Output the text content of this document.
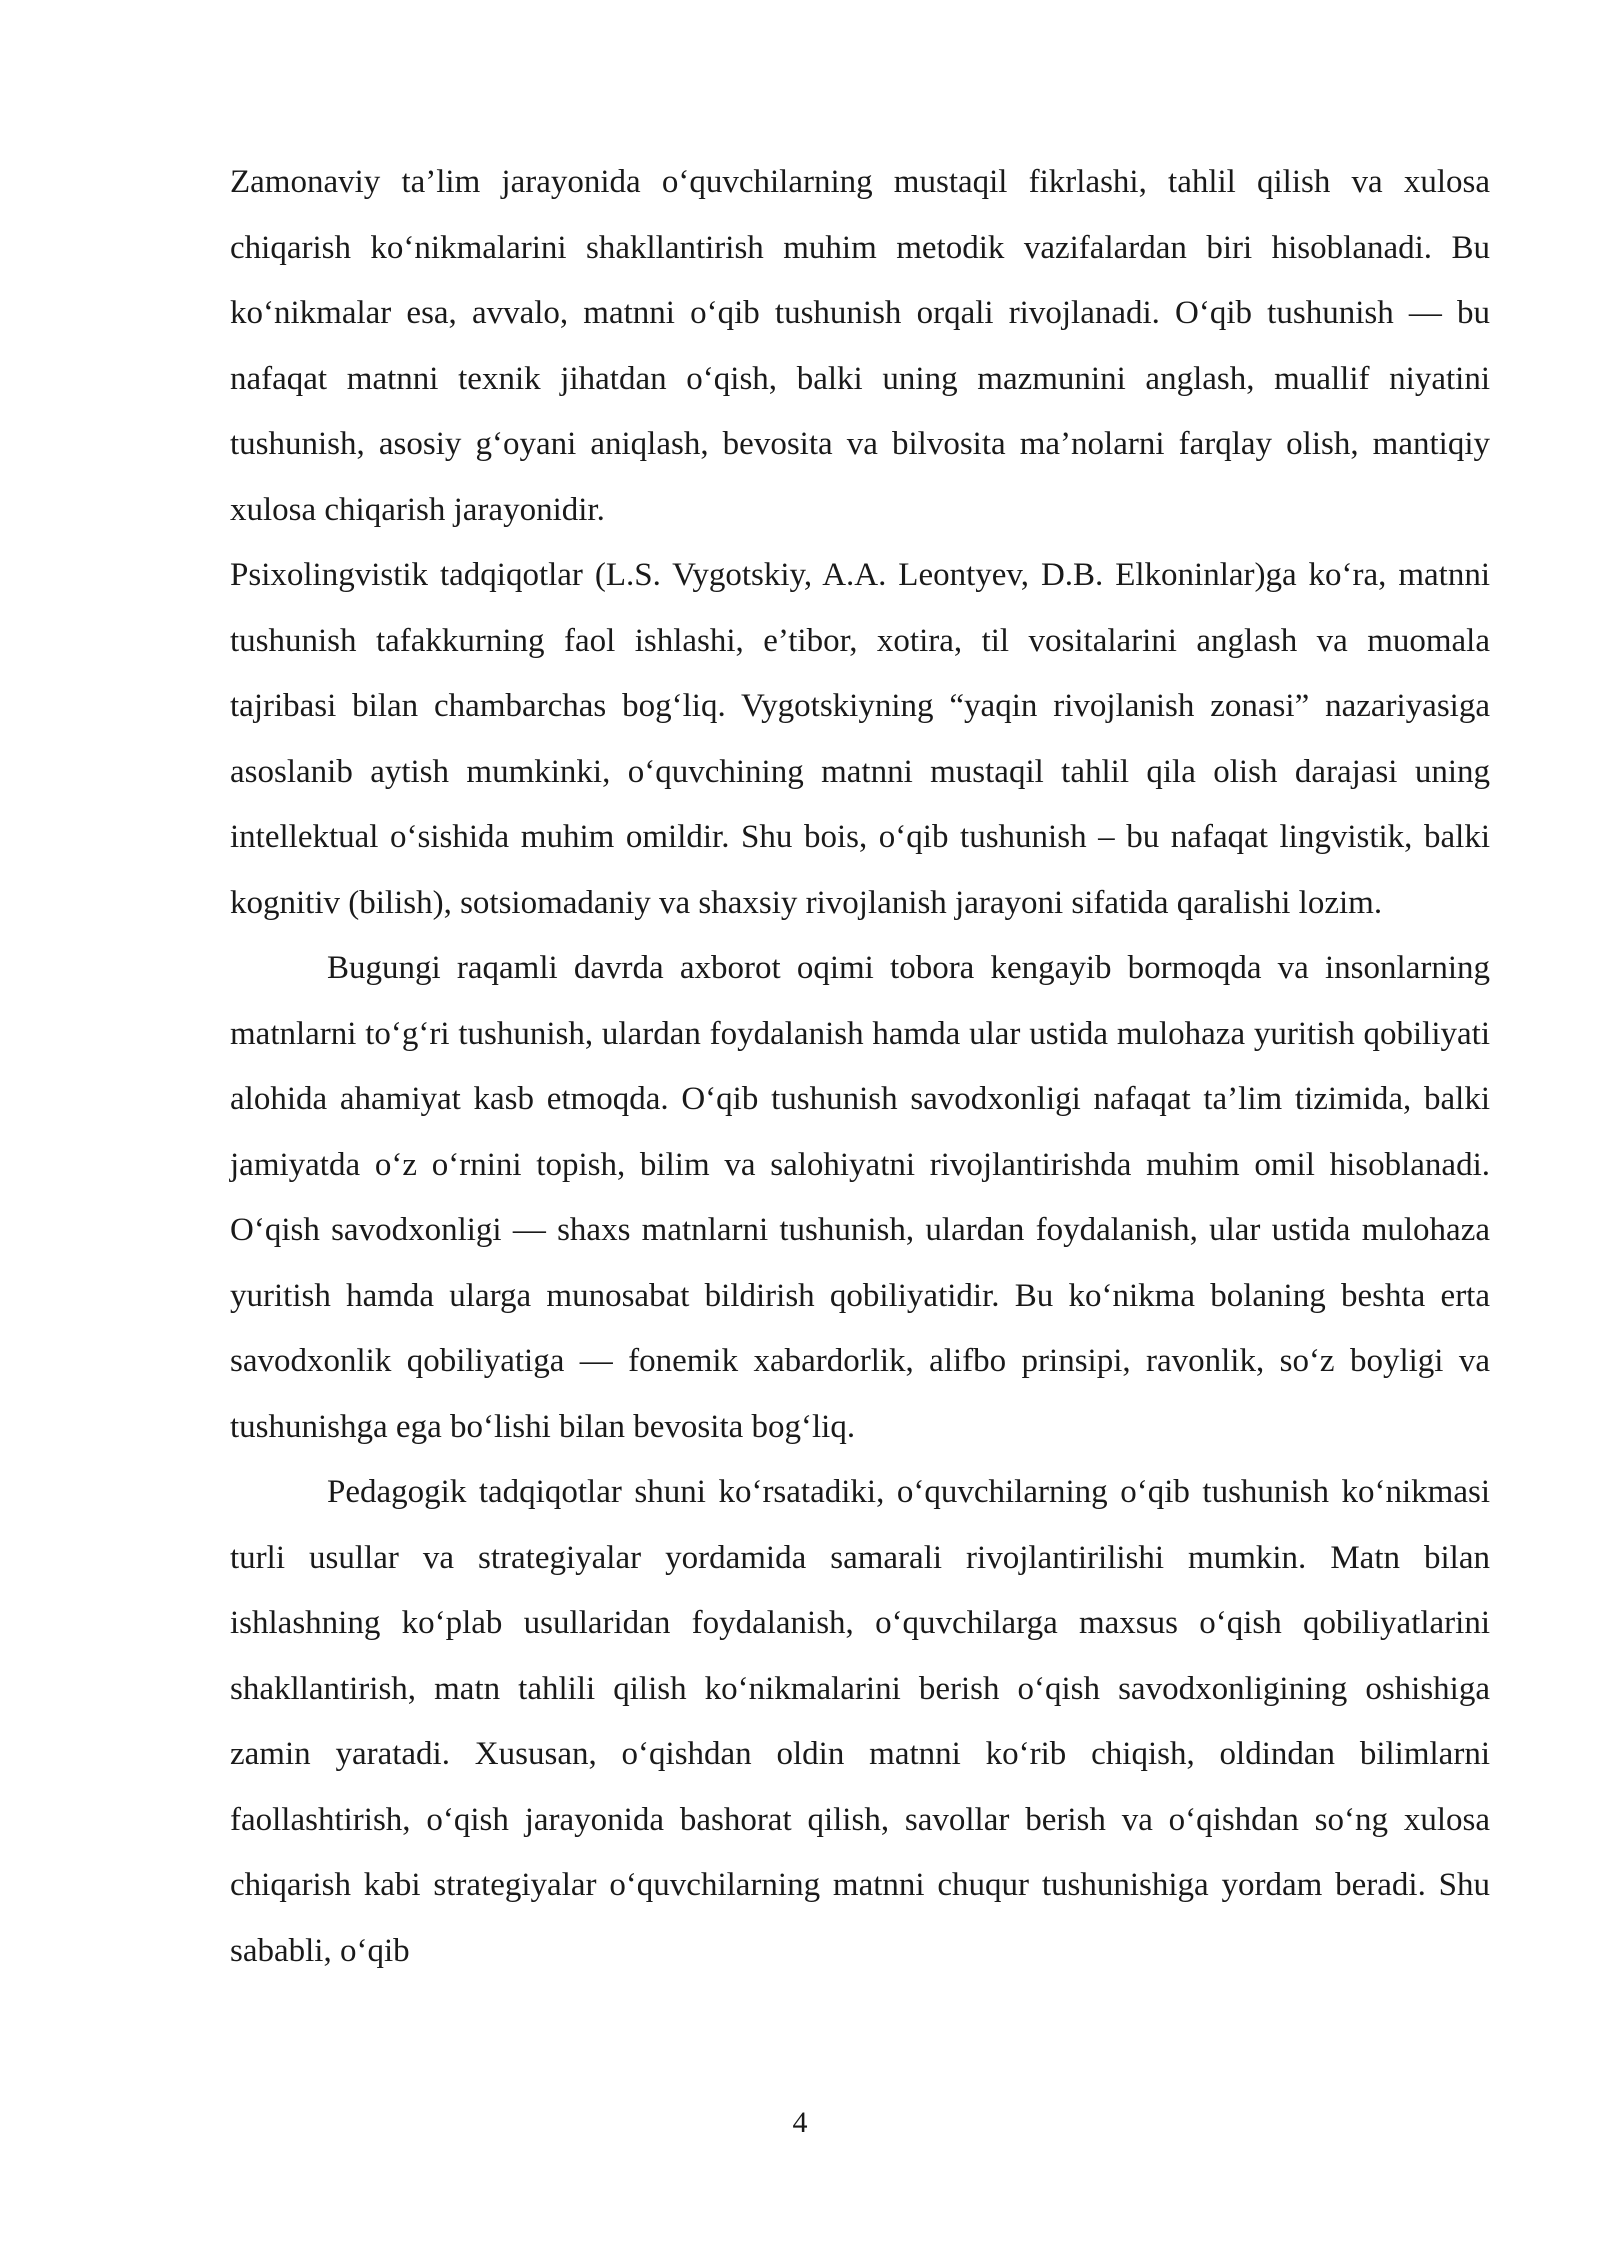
Zamonaviy ta’lim jarayonida o‘quvchilarning mustaqil fikrlashi, tahlil qilish va xulosa chiqarish ko‘nikmalarini shakllantirish muhim metodik vazifalardan biri hisoblanadi. Bu ko‘nikmalar esa, avvalo, matnni o‘qib tushunish orqali rivojlanadi. O‘qib tushunish — bu nafaqat matnni texnik jihatdan o‘qish, balki uning mazmunini anglash, muallif niyatini tushunish, asosiy g‘oyani aniqlash, bevosita va bilvosita ma’nolarni farqlay olish, mantiqiy xulosa chiqarish jarayonidir.

Psixolingvistik tadqiqotlar (L.S. Vygotskiy, A.A. Leontyev, D.B. Elkoninlar)ga ko‘ra, matnni tushunish tafakkurning faol ishlashi, e’tibor, xotira, til vositalarini anglash va muomala tajribasi bilan chambarchas bog‘liq. Vygotskiyning “yaqin rivojlanish zonasi” nazariyasiga asoslanib aytish mumkinki, o‘quvchining matnni mustaqil tahlil qila olish darajasi uning intellektual o‘sishida muhim omildir. Shu bois, o‘qib tushunish – bu nafaqat lingvistik, balki kognitiv (bilish), sotsiomadaniy va shaxsiy rivojlanish jarayoni sifatida qaralishi lozim.

Bugungi raqamli davrda axborot oqimi tobora kengayib bormoqda va insonlarning matnlarni to‘g‘ri tushunish, ulardan foydalanish hamda ular ustida mulohaza yuritish qobiliyati alohida ahamiyat kasb etmoqda. O‘qib tushunish savodxonligi nafaqat ta’lim tizimida, balki jamiyatda o‘z o‘rnini topish, bilim va salohiyatni rivojlantirishda muhim omil hisoblanadi. O‘qish savodxonligi — shaxs matnlarni tushunish, ulardan foydalanish, ular ustida mulohaza yuritish hamda ularga munosabat bildirish qobiliyatidir. Bu ko‘nikma bolaning beshta erta savodxonlik qobiliyatiga — fonemik xabardorlik, alifbo prinsipi, ravonlik, so‘z boyligi va tushunishga ega bo‘lishi bilan bevosita bog‘liq.

Pedagogik tadqiqotlar shuni ko‘rsatadiki, o‘quvchilarning o‘qib tushunish ko‘nikmasi turli usullar va strategiyalar yordamida samarali rivojlantirilishi mumkin. Matn bilan ishlashning ko‘plab usullaridan foydalanish, o‘quvchilarga maxsus o‘qish qobiliyatlarini shakllantirish, matn tahlili qilish ko‘nikmalarini berish o‘qish savodxonligining oshishiga zamin yaratadi. Xususan, o‘qishdan oldin matnni ko‘rib chiqish, oldindan bilimlarni faollashtirish, o‘qish jarayonida bashorat qilish, savollar berish va o‘qishdan so‘ng xulosa chiqarish kabi strategiyalar o‘quvchilarning matnni chuqur tushunishiga yordam beradi. Shu sababli, o‘qib

4
